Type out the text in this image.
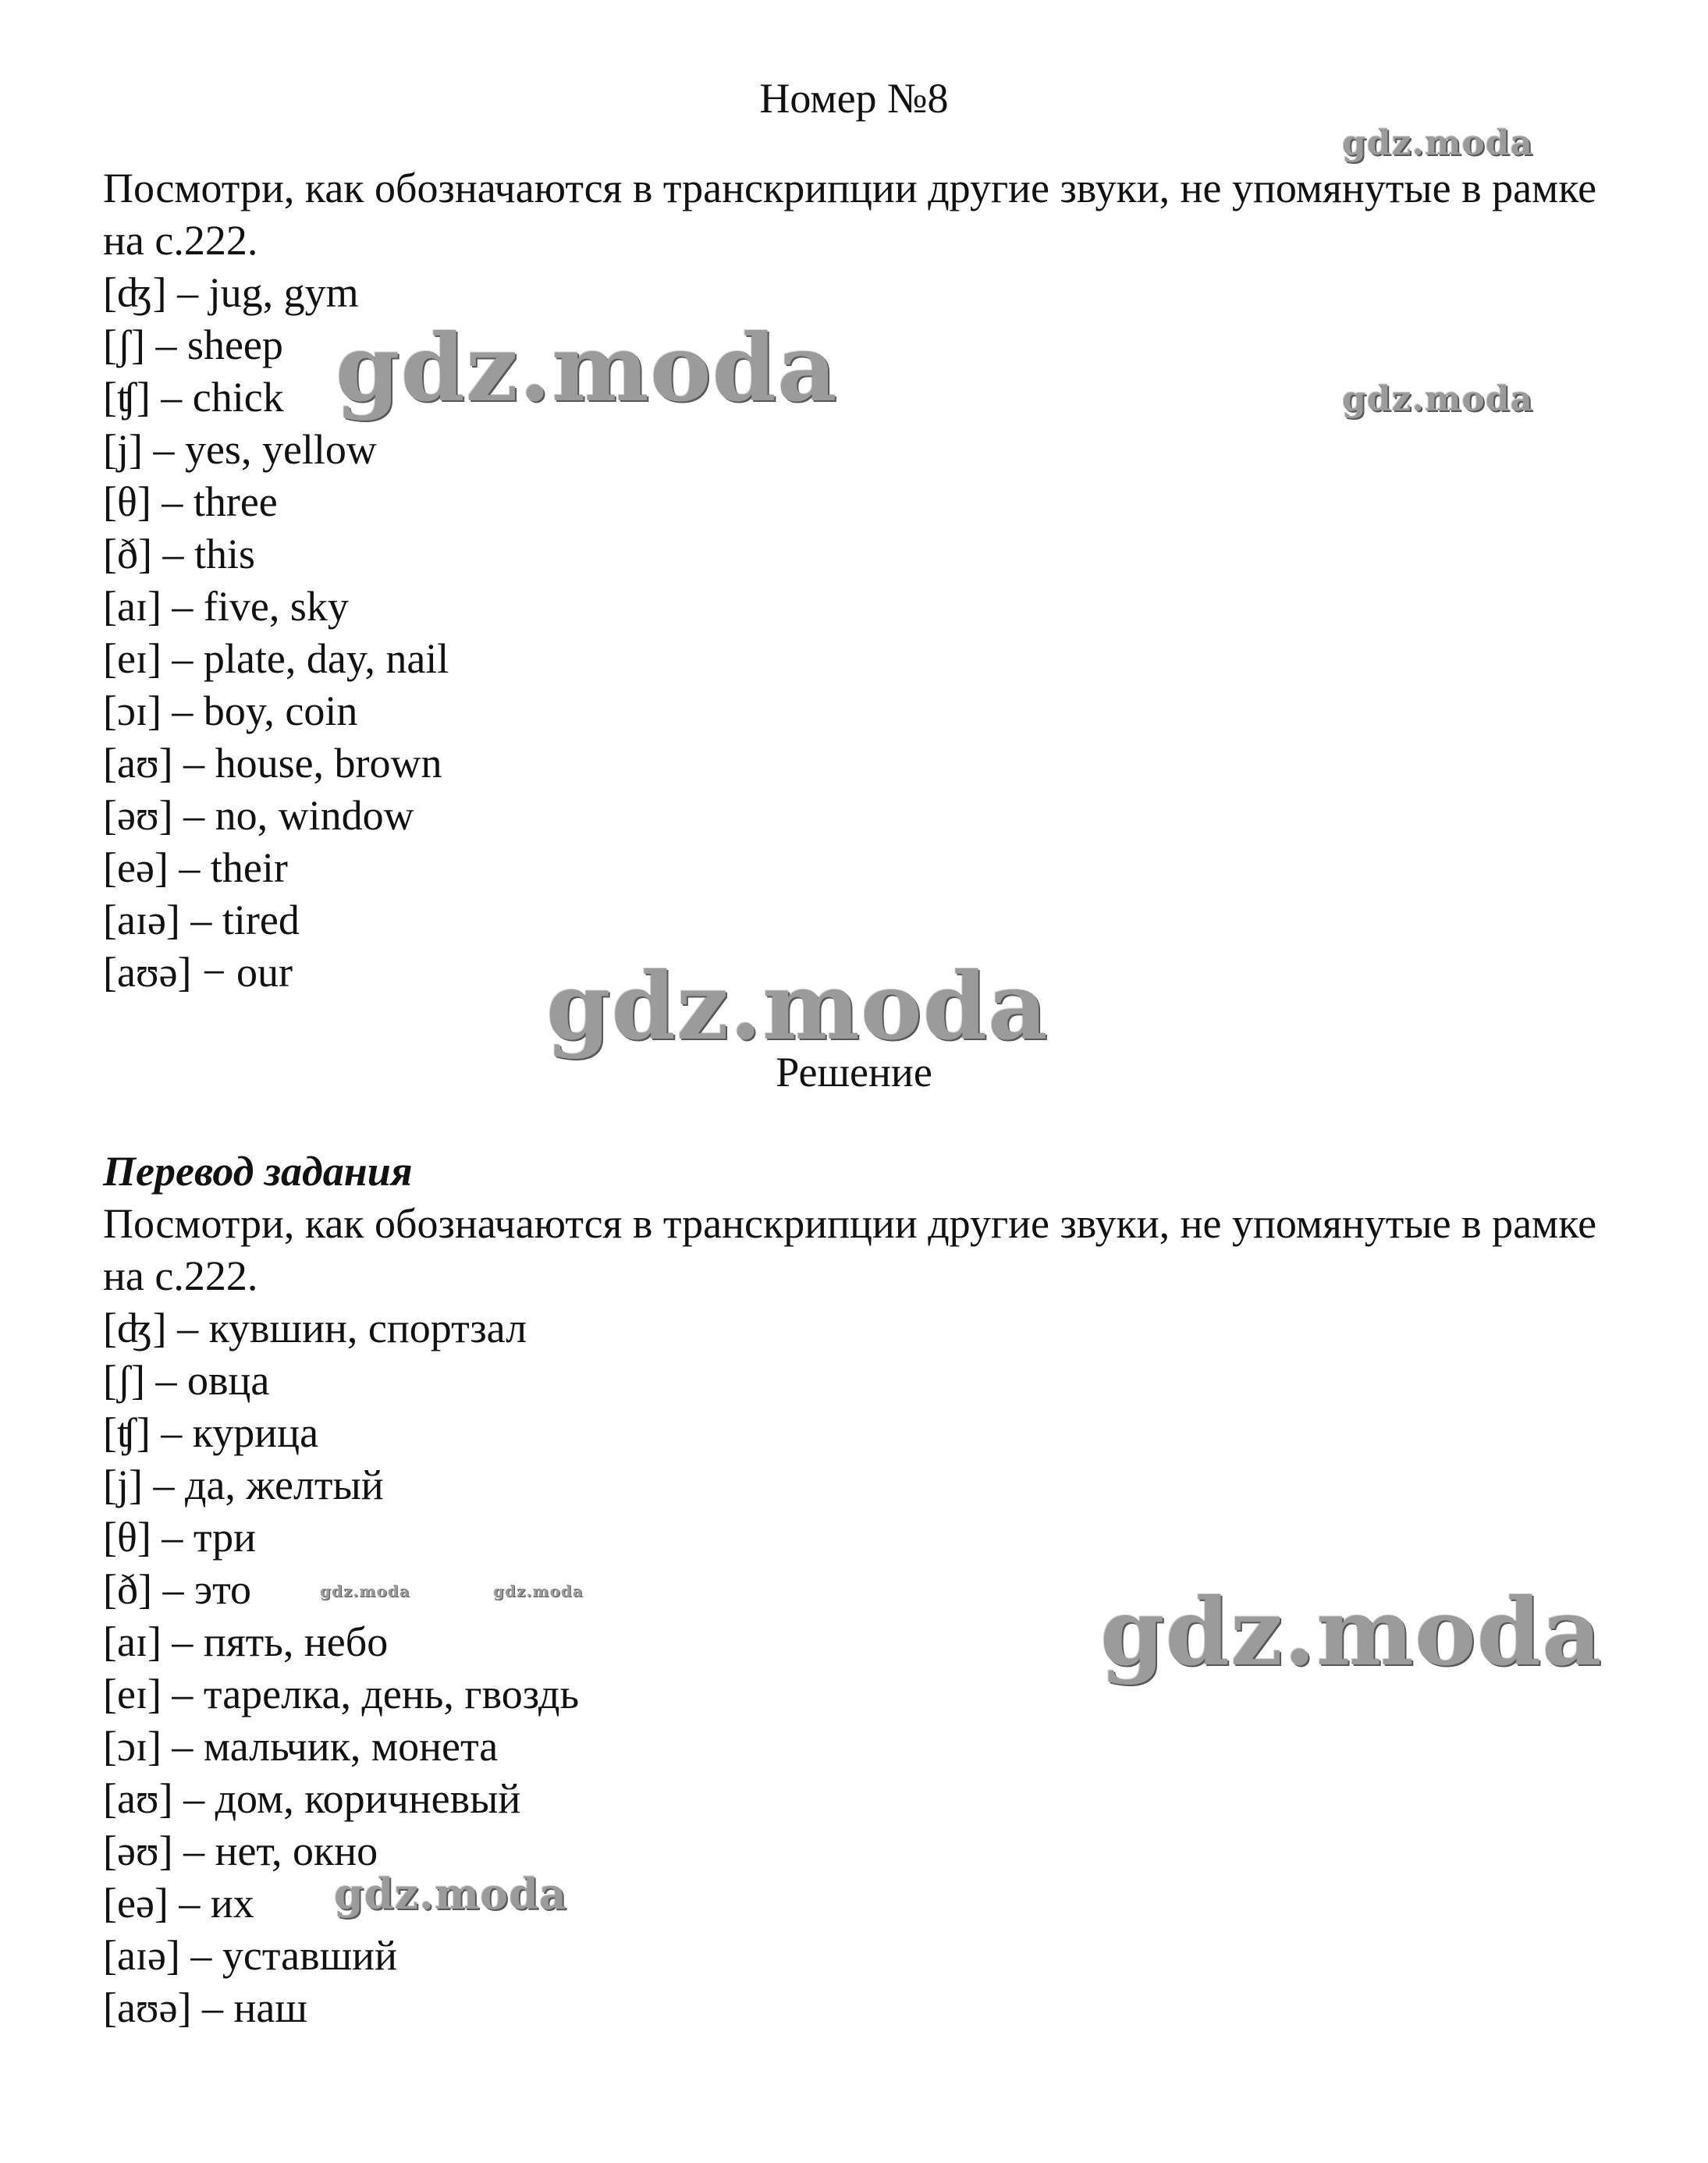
Номер №8

Посмотри, как обозначаются в транскрипции другие звуки, не упомянутые в рамке на с.222.

[ʤ] – jug, gym
[ʃ] – sheep
[ʧ] – chick
[j] – yes, yellow
[θ] – three
[ð] – this
[aɪ] – five, sky
[eɪ] – plate, day, nail
[ɔɪ] – boy, coin
[aʊ] – house, brown
[əʊ] – no, window
[eə] – their
[aɪə] – tired
[aʊə] − our
Решение

Перевод задания

Посмотри, как обозначаются в транскрипции другие звуки, не упомянутые в рамке на с.222.

[ʤ] – кувшин, спортзал
[ʃ] – овца
[ʧ] – курица
[j] – да, желтый
[θ] – три
[ð] – это
[aɪ] – пять, небо
[eɪ] – тарелка, день, гвоздь
[ɔɪ] – мальчик, монета
[aʊ] – дом, коричневый
[əʊ] – нет, окно
[eə] – их
[aɪə] – уставший
[aʊə] – наш
gdz.moda
gdz.moda	gdz.moda
gdz.moda
gdz.moda	gdz.moda	gdz.moda
gdz.moda
